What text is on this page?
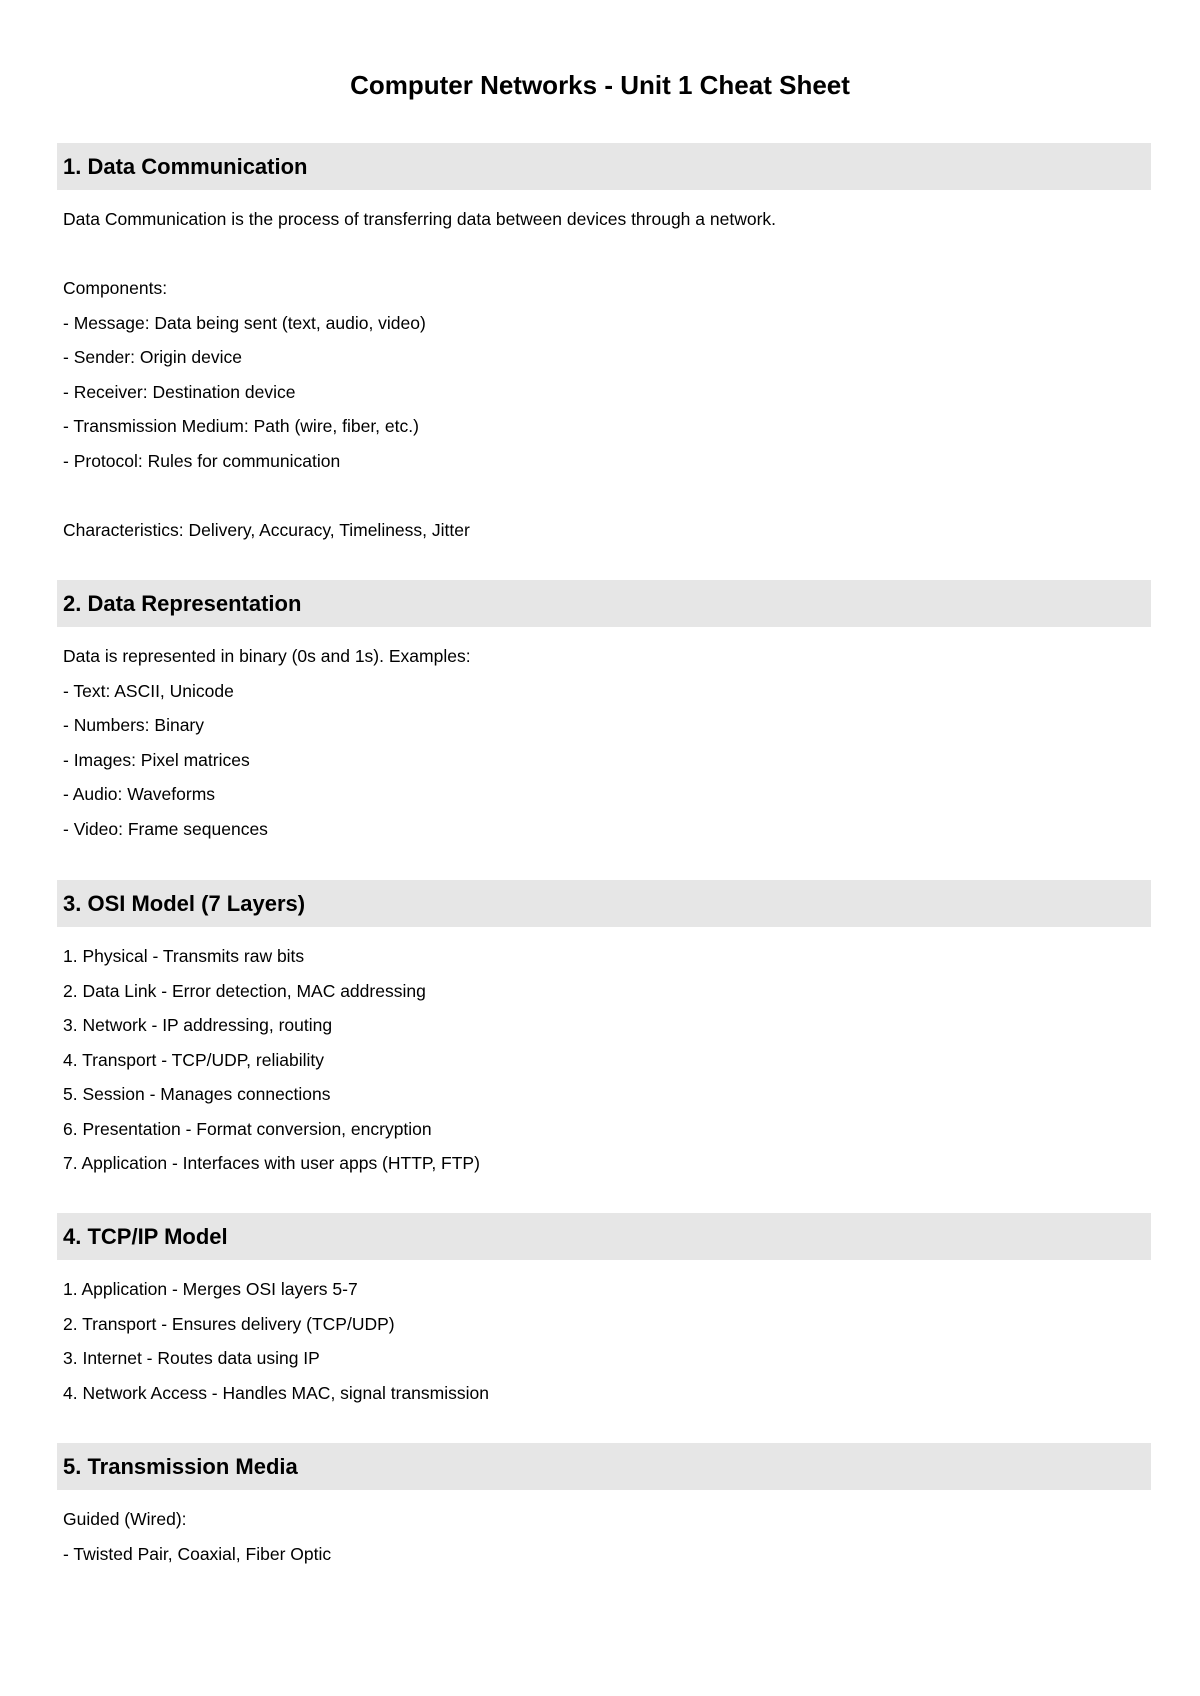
Computer Networks - Unit 1 Cheat Sheet
1. Data Communication
Data Communication is the process of transferring data between devices through a network.
Components:
- Message: Data being sent (text, audio, video)
- Sender: Origin device
- Receiver: Destination device
- Transmission Medium: Path (wire, fiber, etc.)
- Protocol: Rules for communication
Characteristics: Delivery, Accuracy, Timeliness, Jitter
2. Data Representation
Data is represented in binary (0s and 1s). Examples:
- Text: ASCII, Unicode
- Numbers: Binary
- Images: Pixel matrices
- Audio: Waveforms
- Video: Frame sequences
3. OSI Model (7 Layers)
1. Physical - Transmits raw bits
2. Data Link - Error detection, MAC addressing
3. Network - IP addressing, routing
4. Transport - TCP/UDP, reliability
5. Session - Manages connections
6. Presentation - Format conversion, encryption
7. Application - Interfaces with user apps (HTTP, FTP)
4. TCP/IP Model
1. Application - Merges OSI layers 5-7
2. Transport - Ensures delivery (TCP/UDP)
3. Internet - Routes data using IP
4. Network Access - Handles MAC, signal transmission
5. Transmission Media
Guided (Wired):
- Twisted Pair, Coaxial, Fiber Optic
